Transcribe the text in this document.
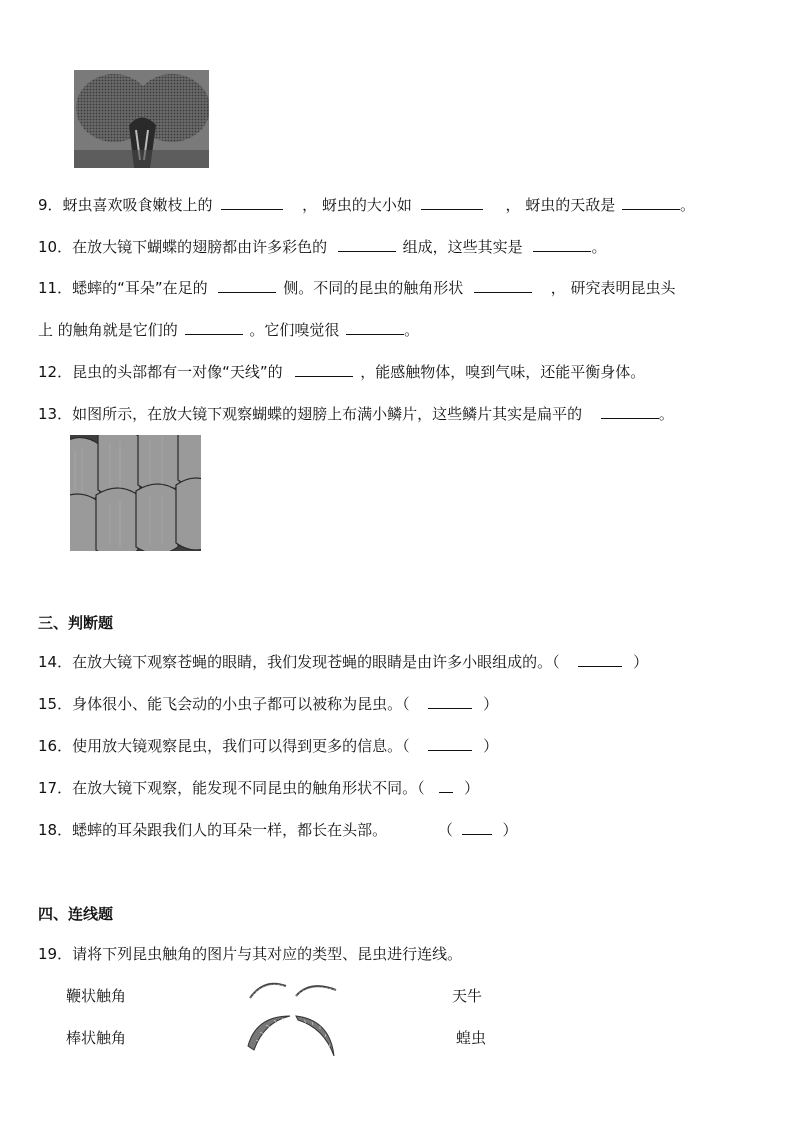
9．蚜虫喜欢吸食嫩枝上的	， 蚜虫的大小如	， 蚜虫的天敌是	。
10．在放大镜下蝴蝶的翅膀都由许多彩色的	组成，这些其实是	。
11．蟋蟀的“耳朵”在足的	侧。不同的昆虫的触角形状	， 研究表明昆虫头
上 的触角就是它们的	。它们嗅觉很	。
12．昆虫的头部都有一对像“天线”的	，能感触物体，嗅到气味，还能平衡身体。
13．如图所示，在放大镜下观察蝴蝶的翅膀上布满小鳞片，这些鳞片其实是扁平的	。
三、判断题
14．在放大镜下观察苍蝇的眼睛，我们发现苍蝇的眼睛是由许多小眼组成的。（	）
15．身体很小、能飞会动的小虫子都可以被称为昆虫。（	）
16．使用放大镜观察昆虫，我们可以得到更多的信息。（	）
17．在放大镜下观察，能发现不同昆虫的触角形状不同。（	）
18．蟋蟀的耳朵跟我们人的耳朵一样，都长在头部。	（	）
四、连线题
19．请将下列昆虫触角的图片与其对应的类型、昆虫进行连线。
鞭状触角
棒状触角
天牛
蝗虫
